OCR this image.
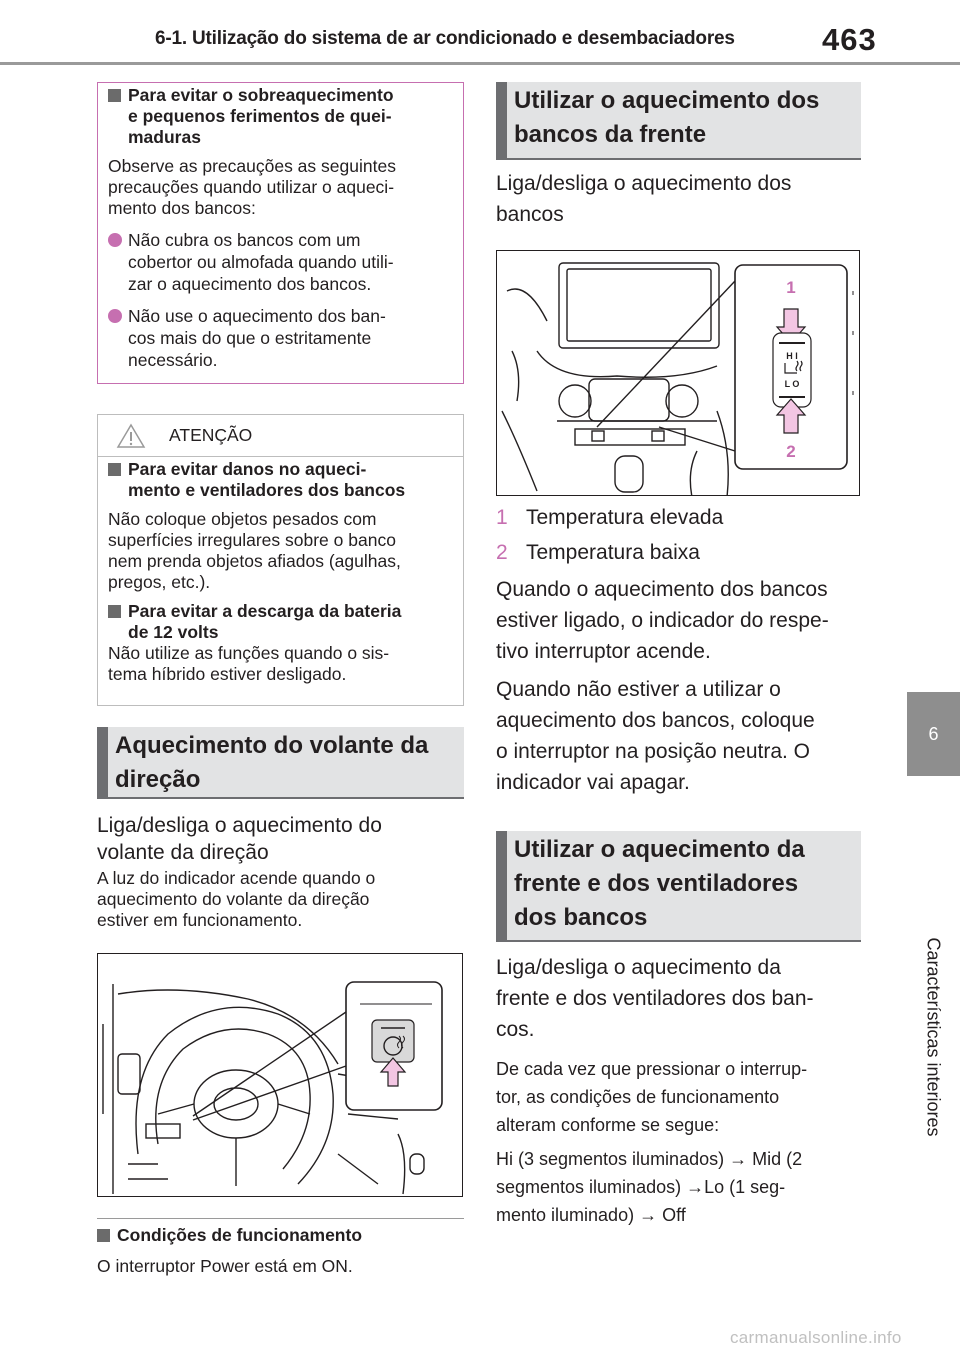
6-1. Utilização do sistema de ar condicionado e desembaciadores	463
6
Características interiores
Para evitar o sobreaquecimento
e pequenos ferimentos de quei-
maduras
Observe as precauções as seguintes
precauções quando utilizar o aqueci-
mento dos bancos:
Não cubra os bancos com um
cobertor ou almofada quando utili-
zar o aquecimento dos bancos.
Não use o aquecimento dos ban-
cos mais do que o estritamente
necessário.
ATENÇÃO
Para evitar danos no aqueci-
mento e ventiladores dos bancos
Não coloque objetos pesados com
superfícies irregulares sobre o banco
nem prenda objetos afiados (agulhas,
pregos, etc.).
Para evitar a descarga da bateria
de 12 volts
Não utilize as funções quando o sis-
tema híbrido estiver desligado.
Aquecimento do volante da
direção
Liga/desliga o aquecimento do
volante da direção
A luz do indicador acende quando o
aquecimento do volante da direção
estiver em funcionamento.
Condições de funcionamento
O interruptor Power está em ON.
Utilizar o aquecimento dos
bancos da frente
Liga/desliga o aquecimento dos
bancos
1
H I
L O
2
1 Temperatura elevada
2 Temperatura baixa
Quando o aquecimento dos bancos
estiver ligado, o indicador do respe-
tivo interruptor acende.
Quando não estiver a utilizar o
aquecimento dos bancos, coloque
o interruptor na posição neutra. O
indicador vai apagar.
Utilizar o aquecimento da
frente e dos ventiladores
dos bancos
Liga/desliga o aquecimento da
frente e dos ventiladores dos ban-
cos.
De cada vez que pressionar o interrup-
tor, as condições de funcionamento
alteram conforme se segue:
Hi (3 segmentos iluminados) → Mid (2
segmentos iluminados) →Lo (1 seg-
mento iluminado) → Off
carmanualsonline.info
